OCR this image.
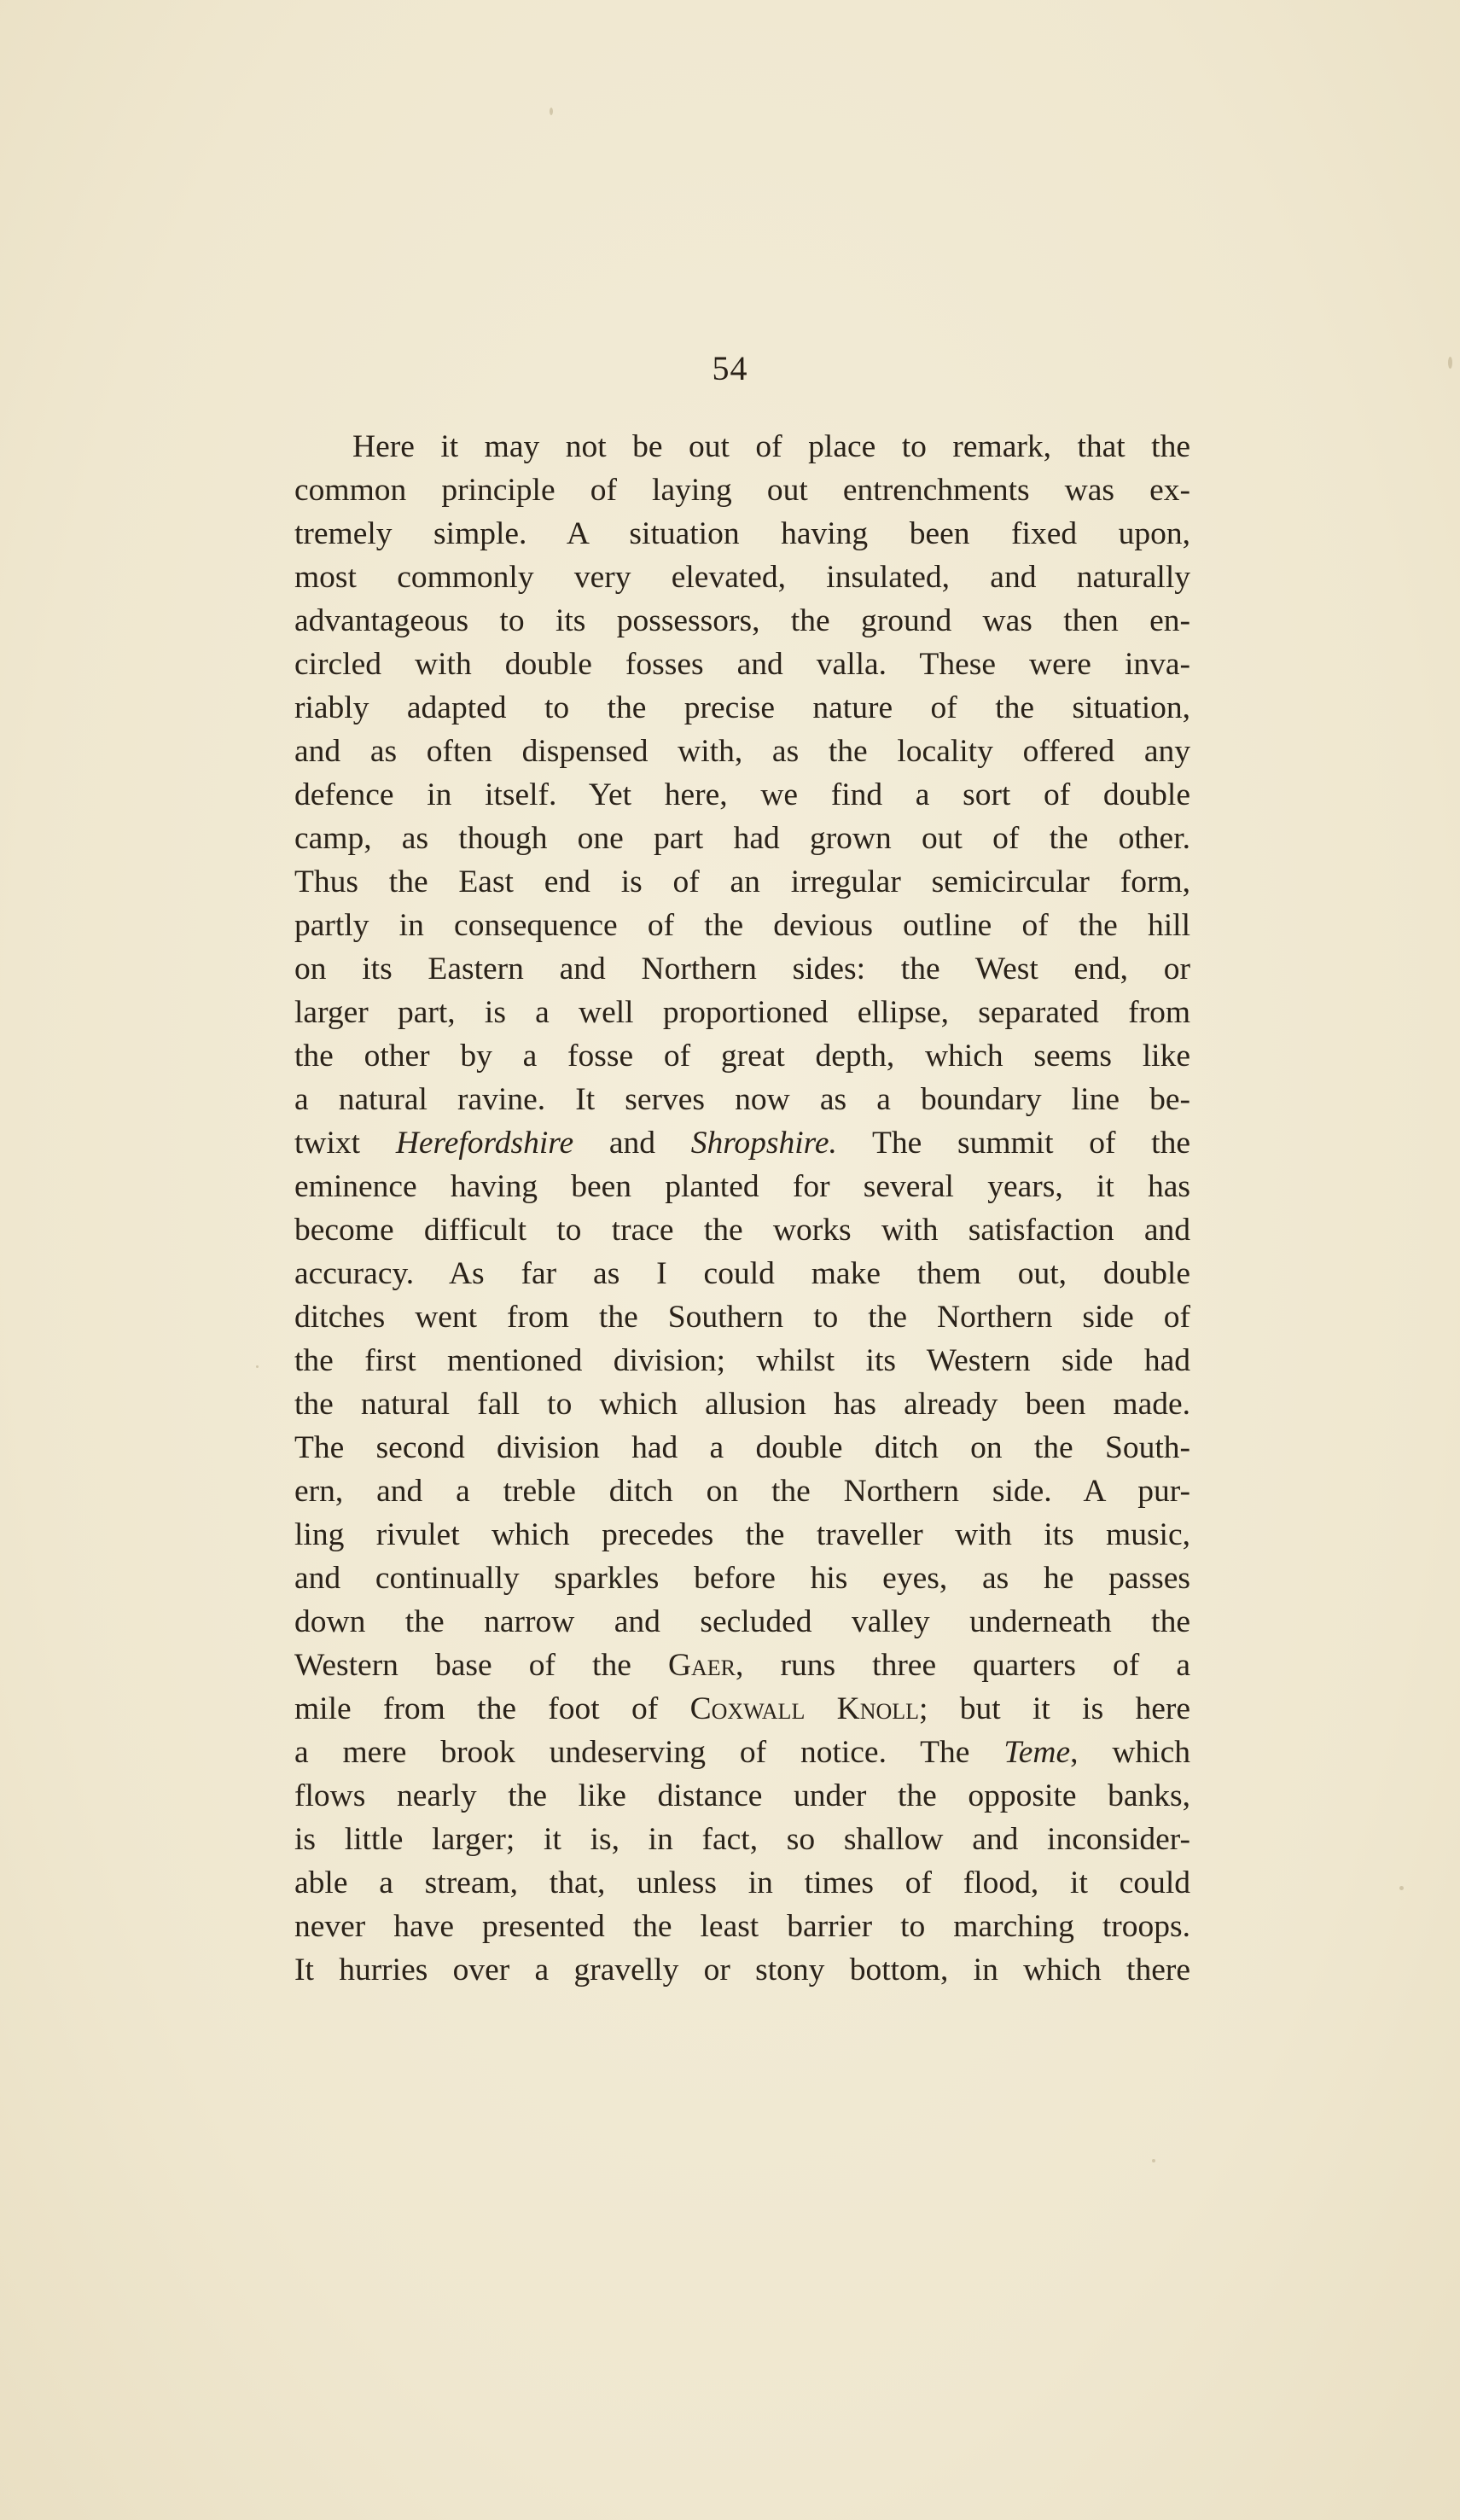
54
Here it may not be out of place to remark, that the
common principle of laying out entrenchments was ex-
tremely simple. A situation having been fixed upon,
most commonly very elevated, insulated, and naturally
advantageous to its possessors, the ground was then en-
circled with double fosses and valla. These were inva-
riably adapted to the precise nature of the situation,
and as often dispensed with, as the locality offered any
defence in itself. Yet here, we find a sort of double
camp, as though one part had grown out of the other.
Thus the East end is of an irregular semicircular form,
partly in consequence of the devious outline of the hill
on its Eastern and Northern sides: the West end, or
larger part, is a well proportioned ellipse, separated from
the other by a fosse of great depth, which seems like
a natural ravine. It serves now as a boundary line be-
twixt Herefordshire and Shropshire. The summit of the
eminence having been planted for several years, it has
become difficult to trace the works with satisfaction and
accuracy. As far as I could make them out, double
ditches went from the Southern to the Northern side of
the first mentioned division; whilst its Western side had
the natural fall to which allusion has already been made.
The second division had a double ditch on the South-
ern, and a treble ditch on the Northern side. A pur-
ling rivulet which precedes the traveller with its music,
and continually sparkles before his eyes, as he passes
down the narrow and secluded valley underneath the
Western base of the Gaer, runs three quarters of a
mile from the foot of Coxwall Knoll; but it is here
a mere brook undeserving of notice. The Teme, which
flows nearly the like distance under the opposite banks,
is little larger; it is, in fact, so shallow and inconsider-
able a stream, that, unless in times of flood, it could
never have presented the least barrier to marching troops.
It hurries over a gravelly or stony bottom, in which there
